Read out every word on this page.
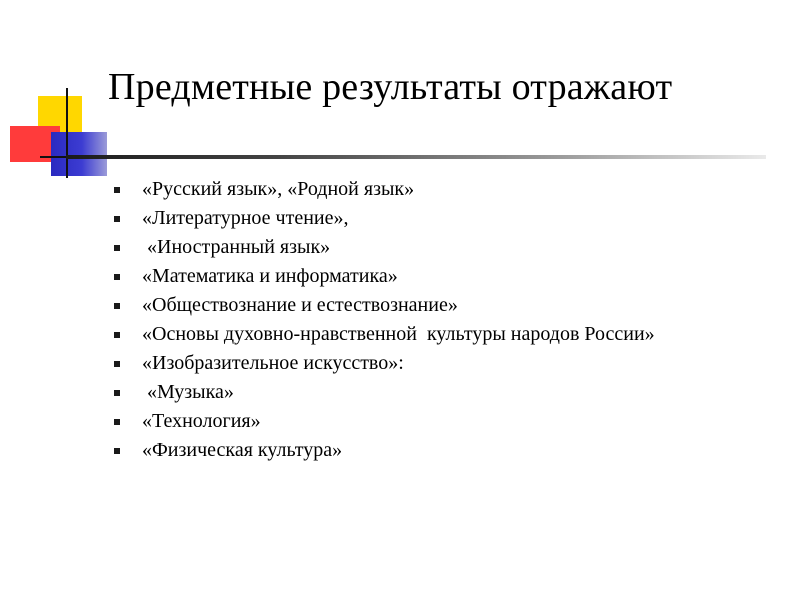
Предметные результаты отражают
«Русский язык», «Родной язык»
«Литературное чтение»,
«Иностранный язык»
«Математика и информатика»
«Обществознание и естествознание»
«Основы духовно-нравственной  культуры народов России»
«Изобразительное искусство»:
«Музыка»
«Технология»
«Физическая культура»
